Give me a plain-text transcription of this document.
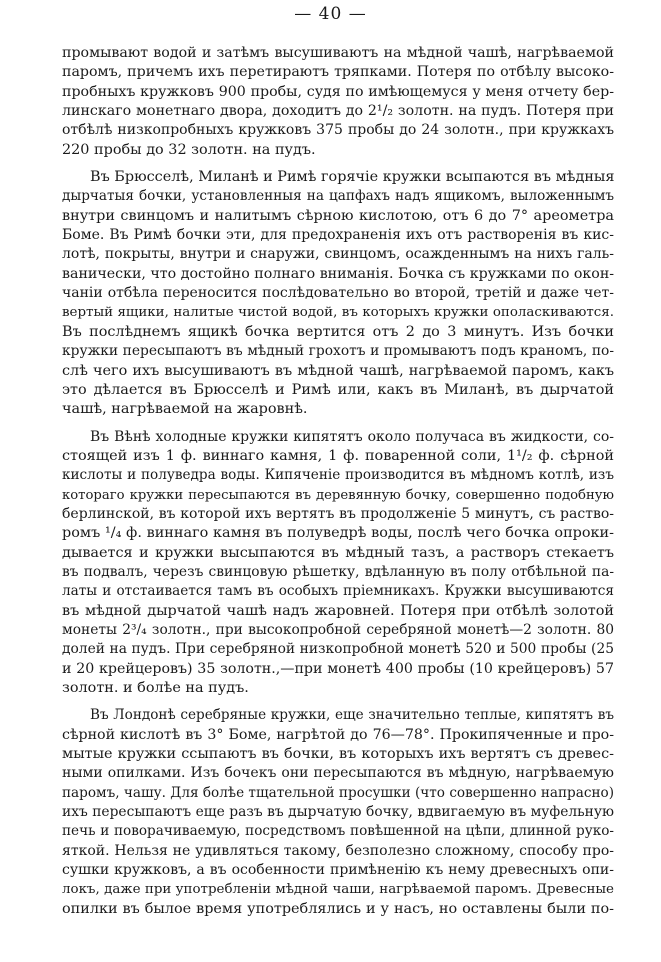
— 40 —
промывают водой и затѣмъ высушиваютъ на мѣдной чашѣ, нагрѣваемой
паромъ, причемъ ихъ перетираютъ тряпками. Потеря по отбѣлу высоко-
пробныхъ кружковъ 900 пробы, судя по имѣющемуся у меня отчету бер-
линскаго монетнаго двора, доходитъ до 2¹/₂ золотн. на пудъ. Потеря при
отбѣлѣ низкопробныхъ кружковъ 375 пробы до 24 золотн., при кружкахъ
220 пробы до 32 золотн. на пудъ.
Въ Брюсселѣ, Миланѣ и Римѣ горячіе кружки всыпаются въ мѣдныя
дырчатыя бочки, установленныя на цапфахъ надъ ящикомъ, выложеннымъ
внутри свинцомъ и налитымъ сѣрною кислотою, отъ 6 до 7° ареометра
Боме. Въ Римѣ бочки эти, для предохраненія ихъ отъ растворенія въ кис-
лотѣ, покрыты, внутри и снаружи, свинцомъ, осажденнымъ на нихъ галь-
ванически, что достойно полнаго вниманія. Бочка съ кружками по окон-
чаніи отбѣла переносится послѣдовательно во второй, третій и даже чет-
вертый ящики, налитые чистой водой, въ которыхъ кружки ополаскиваются.
Въ послѣднемъ ящикѣ бочка вертится отъ 2 до 3 минутъ. Изъ бочки
кружки пересыпаютъ въ мѣдный грохотъ и промываютъ подъ краномъ, по-
слѣ чего ихъ высушиваютъ въ мѣдной чашѣ, нагрѣваемой паромъ, какъ
это дѣлается въ Брюсселѣ и Римѣ или, какъ въ Миланѣ, въ дырчатой
чашѣ, нагрѣваемой на жаровнѣ.
Въ Вѣнѣ холодные кружки кипятятъ около получаса въ жидкости, со-
стоящей изъ 1 ф. виннаго камня, 1 ф. поваренной соли, 1¹/₂ ф. сѣрной
кислоты и полуведра воды. Кипяченіе производится въ мѣдномъ котлѣ, изъ
котораго кружки пересыпаются въ деревянную бочку, совершенно подобную
берлинской, въ которой ихъ вертятъ въ продолженіе 5 минутъ, съ раство-
ромъ ¹/₄ ф. виннаго камня въ полуведрѣ воды, послѣ чего бочка опроки-
дывается и кружки высыпаются въ мѣдный тазъ, а растворъ стекаетъ
въ подвалъ, черезъ свинцовую рѣшетку, вдѣланную въ полу отбѣльной па-
латы и отстаивается тамъ въ особыхъ пріемникахъ. Кружки высушиваются
въ мѣдной дырчатой чашѣ надъ жаровней. Потеря при отбѣлѣ золотой
монеты 2³/₄ золотн., при высокопробной серебряной монетѣ—2 золотн. 80
долей на пудъ. При серебряной низкопробной монетѣ 520 и 500 пробы (25
и 20 крейцеровъ) 35 золотн.,—при монетѣ 400 пробы (10 крейцеровъ) 57
золотн. и болѣе на пудъ.
Въ Лондонѣ серебряные кружки, еще значительно теплые, кипятятъ въ
сѣрной кислотѣ въ 3° Боме, нагрѣтой до 76—78°. Прокипяченные и про-
мытые кружки ссыпаютъ въ бочки, въ которыхъ ихъ вертятъ съ древес-
ными опилками. Изъ бочекъ они пересыпаются въ мѣдную, нагрѣваемую
паромъ, чашу. Для болѣе тщательной просушки (что совершенно напрасно)
ихъ пересыпаютъ еще разъ въ дырчатую бочку, вдвигаемую въ муфельную
печь и поворачиваемую, посредствомъ повѣшенной на цѣпи, длинной руко-
яткой. Нельзя не удивляться такому, безполезно сложному, способу про-
сушки кружковъ, а въ особенности примѣненію къ нему древесныхъ опи-
локъ, даже при употребленіи мѣдной чаши, нагрѣваемой паромъ. Древесные
опилки въ былое время употреблялись и у насъ, но оставлены были по-
